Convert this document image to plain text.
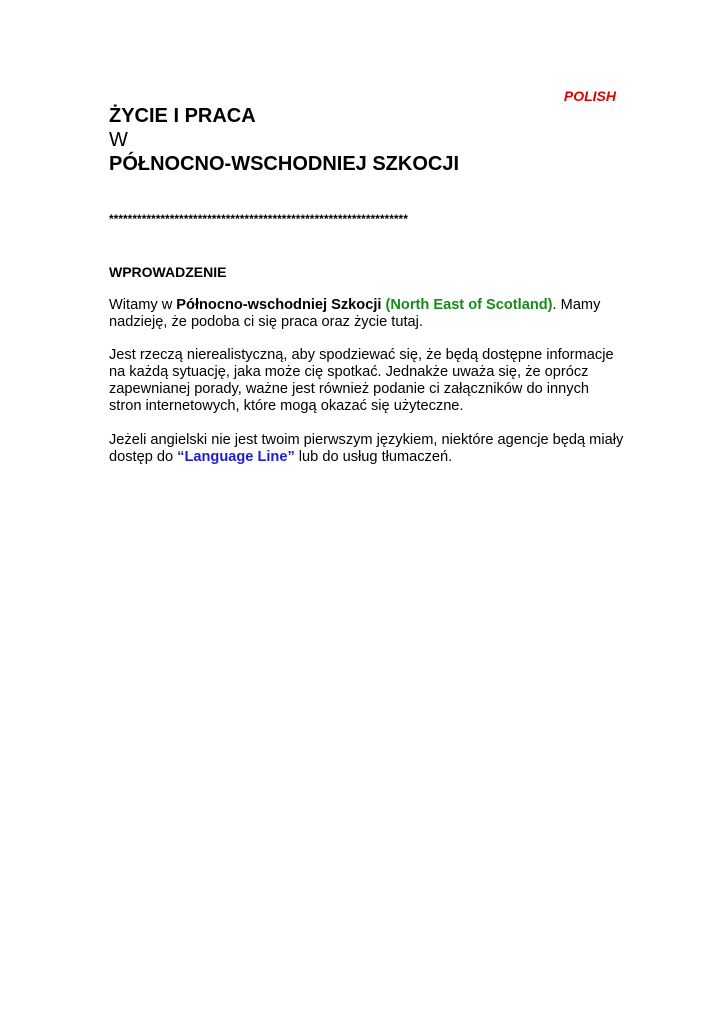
POLISH
ŻYCIE I PRACA
W
PÓŁNOCNO-WSCHODNIEJ SZKOCJI
****************************************************************
WPROWADZENIE

Witamy w Północno-wschodniej Szkocji (North East of Scotland). Mamy nadzieję, że podoba ci się praca oraz życie tutaj.

Jest rzeczą nierealistyczną, aby spodziewać się, że będą dostępne informacje na każdą sytuację, jaka może cię spotkać. Jednakże uważa się, że oprócz zapewnianej porady, ważne jest również podanie ci załączników do innych stron internetowych, które mogą okazać się użyteczne.

Jeżeli angielski nie jest twoim pierwszym językiem, niektóre agencje będą miały dostęp do “Language Line” lub do usług tłumaczeń.
